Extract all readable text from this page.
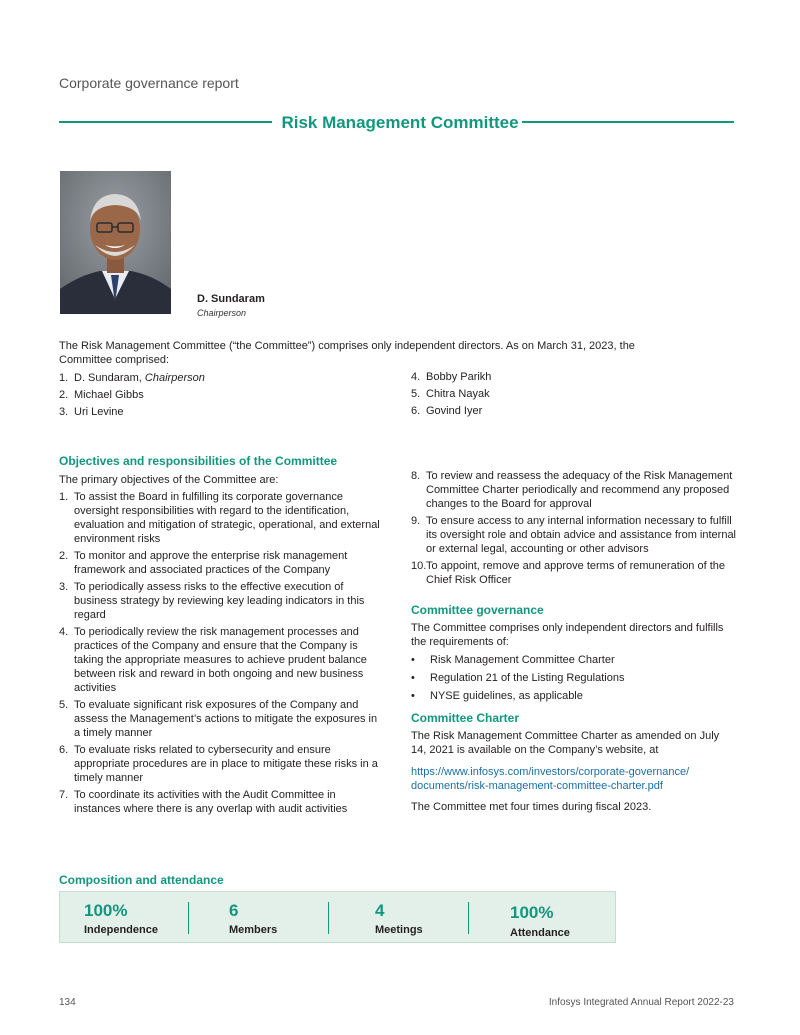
Corporate governance report
Risk Management Committee
D. Sundaram
Chairperson
The Risk Management Committee (“the Committee”) comprises only independent directors. As on March 31, 2023, the Committee comprised:
1. D. Sundaram, Chairperson
2. Michael Gibbs
3. Uri Levine
4. Bobby Parikh
5. Chitra Nayak
6. Govind Iyer
Objectives and responsibilities of the Committee
The primary objectives of the Committee are:
1. To assist the Board in fulfilling its corporate governance oversight responsibilities with regard to the identification, evaluation and mitigation of strategic, operational, and external environment risks
2. To monitor and approve the enterprise risk management framework and associated practices of the Company
3. To periodically assess risks to the effective execution of business strategy by reviewing key leading indicators in this regard
4. To periodically review the risk management processes and practices of the Company and ensure that the Company is taking the appropriate measures to achieve prudent balance between risk and reward in both ongoing and new business activities
5. To evaluate significant risk exposures of the Company and assess the Management’s actions to mitigate the exposures in a timely manner
6. To evaluate risks related to cybersecurity and ensure appropriate procedures are in place to mitigate these risks in a timely manner
7. To coordinate its activities with the Audit Committee in instances where there is any overlap with audit activities
8. To review and reassess the adequacy of the Risk Management Committee Charter periodically and recommend any proposed changes to the Board for approval
9. To ensure access to any internal information necessary to fulfill its oversight role and obtain advice and assistance from internal or external legal, accounting or other advisors
10. To appoint, remove and approve terms of remuneration of the Chief Risk Officer
Committee governance
The Committee comprises only independent directors and fulfills the requirements of:
• Risk Management Committee Charter
• Regulation 21 of the Listing Regulations
• NYSE guidelines, as applicable
Committee Charter
The Risk Management Committee Charter as amended on July 14, 2021 is available on the Company’s website, at
https://www.infosys.com/investors/corporate-governance/
documents/risk-management-committee-charter.pdf
The Committee met four times during fiscal 2023.
Composition and attendance
100%
Independence
6
Members
4
Meetings
100%
Attendance
134	Infosys Integrated Annual Report 2022-23
